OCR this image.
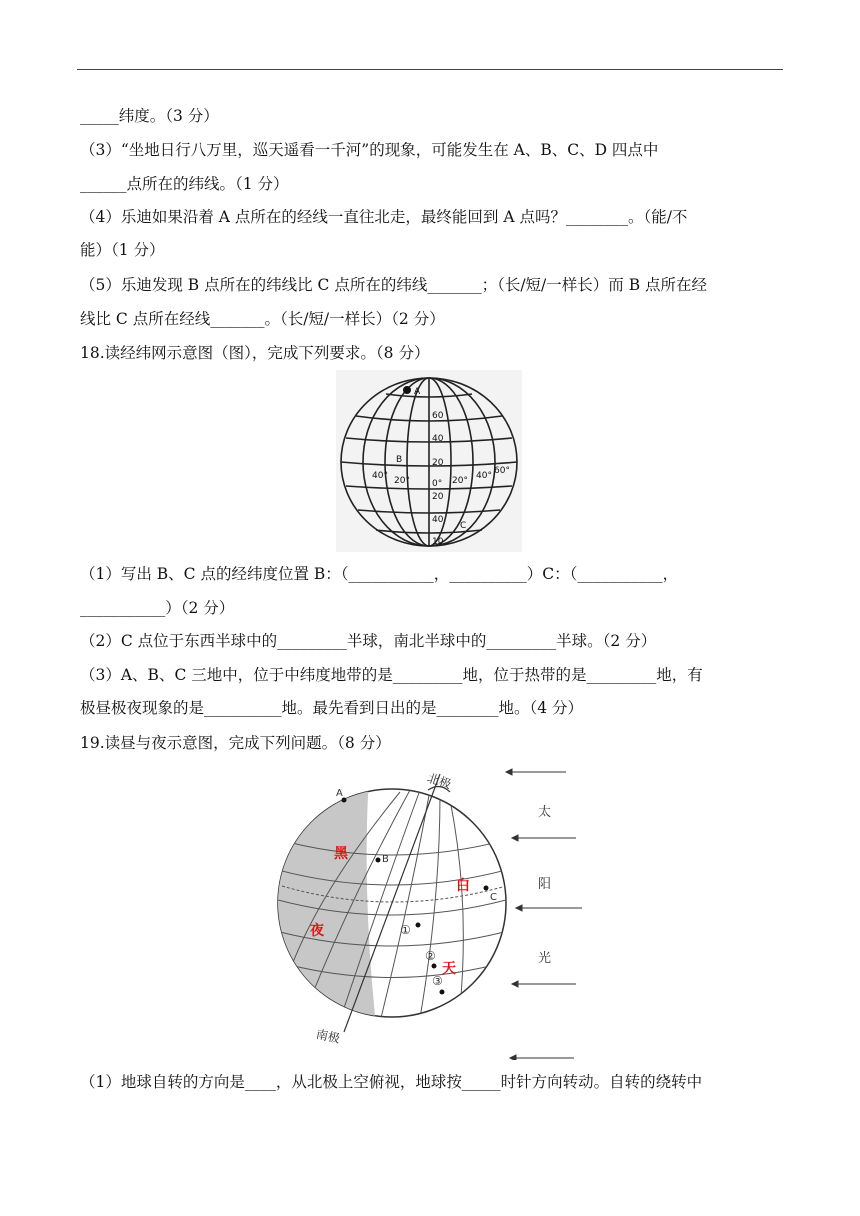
_____纬度。（3 分）
（3）“坐地日行八万里，巡天遥看一千河”的现象，可能发生在 A、B、C、D 四点中
______点所在的纬线。（1 分）
（4）乐迪如果沿着 A 点所在的经线一直往北走，最终能回到 A 点吗？________。（能/不
能）（1 分）
（5）乐迪发现 B 点所在的纬线比 C 点所在的纬线_______；（长/短/一样长）而 B 点所在经
线比 C 点所在经线_______。（长/短/一样长）（2 分）
18.读经纬网示意图（图），完成下列要求。（8 分）
A
B
C
60
40
20
0°
20
40
10
40° 20°	20° 40° 60°
（1）写出 B、C 点的经纬度位置 B：（___________，__________）C：（___________，
___________）（2 分）
（2）C 点位于东西半球中的_________半球，南北半球中的_________半球。（2 分）
（3）A、B、C 三地中，位于中纬度地带的是_________地，位于热带的是_________地，有
极昼极夜现象的是__________地。最先看到日出的是________地。（4 分）
19.读昼与夜示意图，完成下列问题。（8 分）
北极
南极
黑
夜
白
天
A
B
C
①
②
③
太
阳
光
（1）地球自转的方向是____，从北极上空俯视，地球按_____时针方向转动。自转的绕转中
